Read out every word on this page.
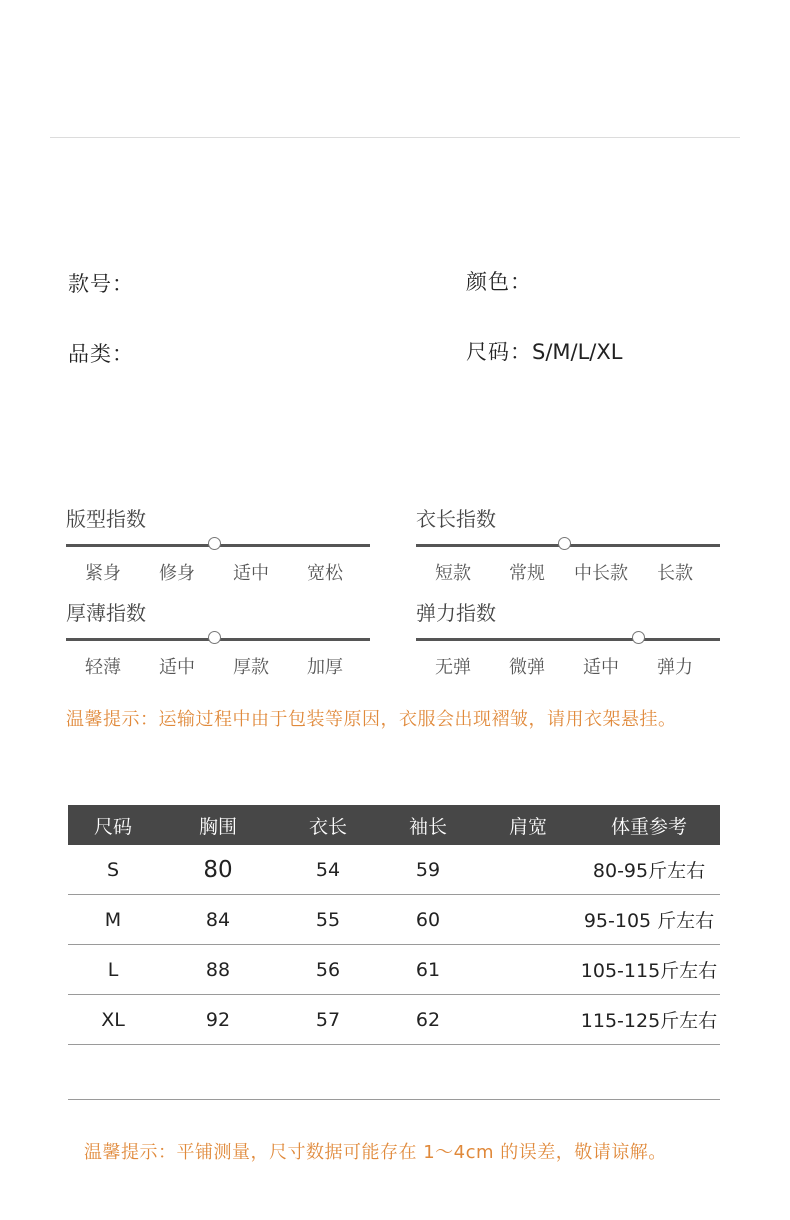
款号：	颜色：
品类：	尺码：S/M/L/XL
版型指数
紧身	修身	适中	宽松
衣长指数
短款	常规	中长款	长款
厚薄指数
轻薄	适中	厚款	加厚
弹力指数
无弹	微弹	适中	弹力
温馨提示：运输过程中由于包装等原因，衣服会出现褶皱，请用衣架悬挂。
尺码	胸围	衣长	袖长	肩宽	体重参考
S	80	54	59		80-95斤左右
M	84	55	60		95-105 斤左右
L	88	56	61		105-115斤左右
XL	92	57	62		115-125斤左右
温馨提示：平铺测量，尺寸数据可能存在 1～4cm 的误差，敬请谅解。
